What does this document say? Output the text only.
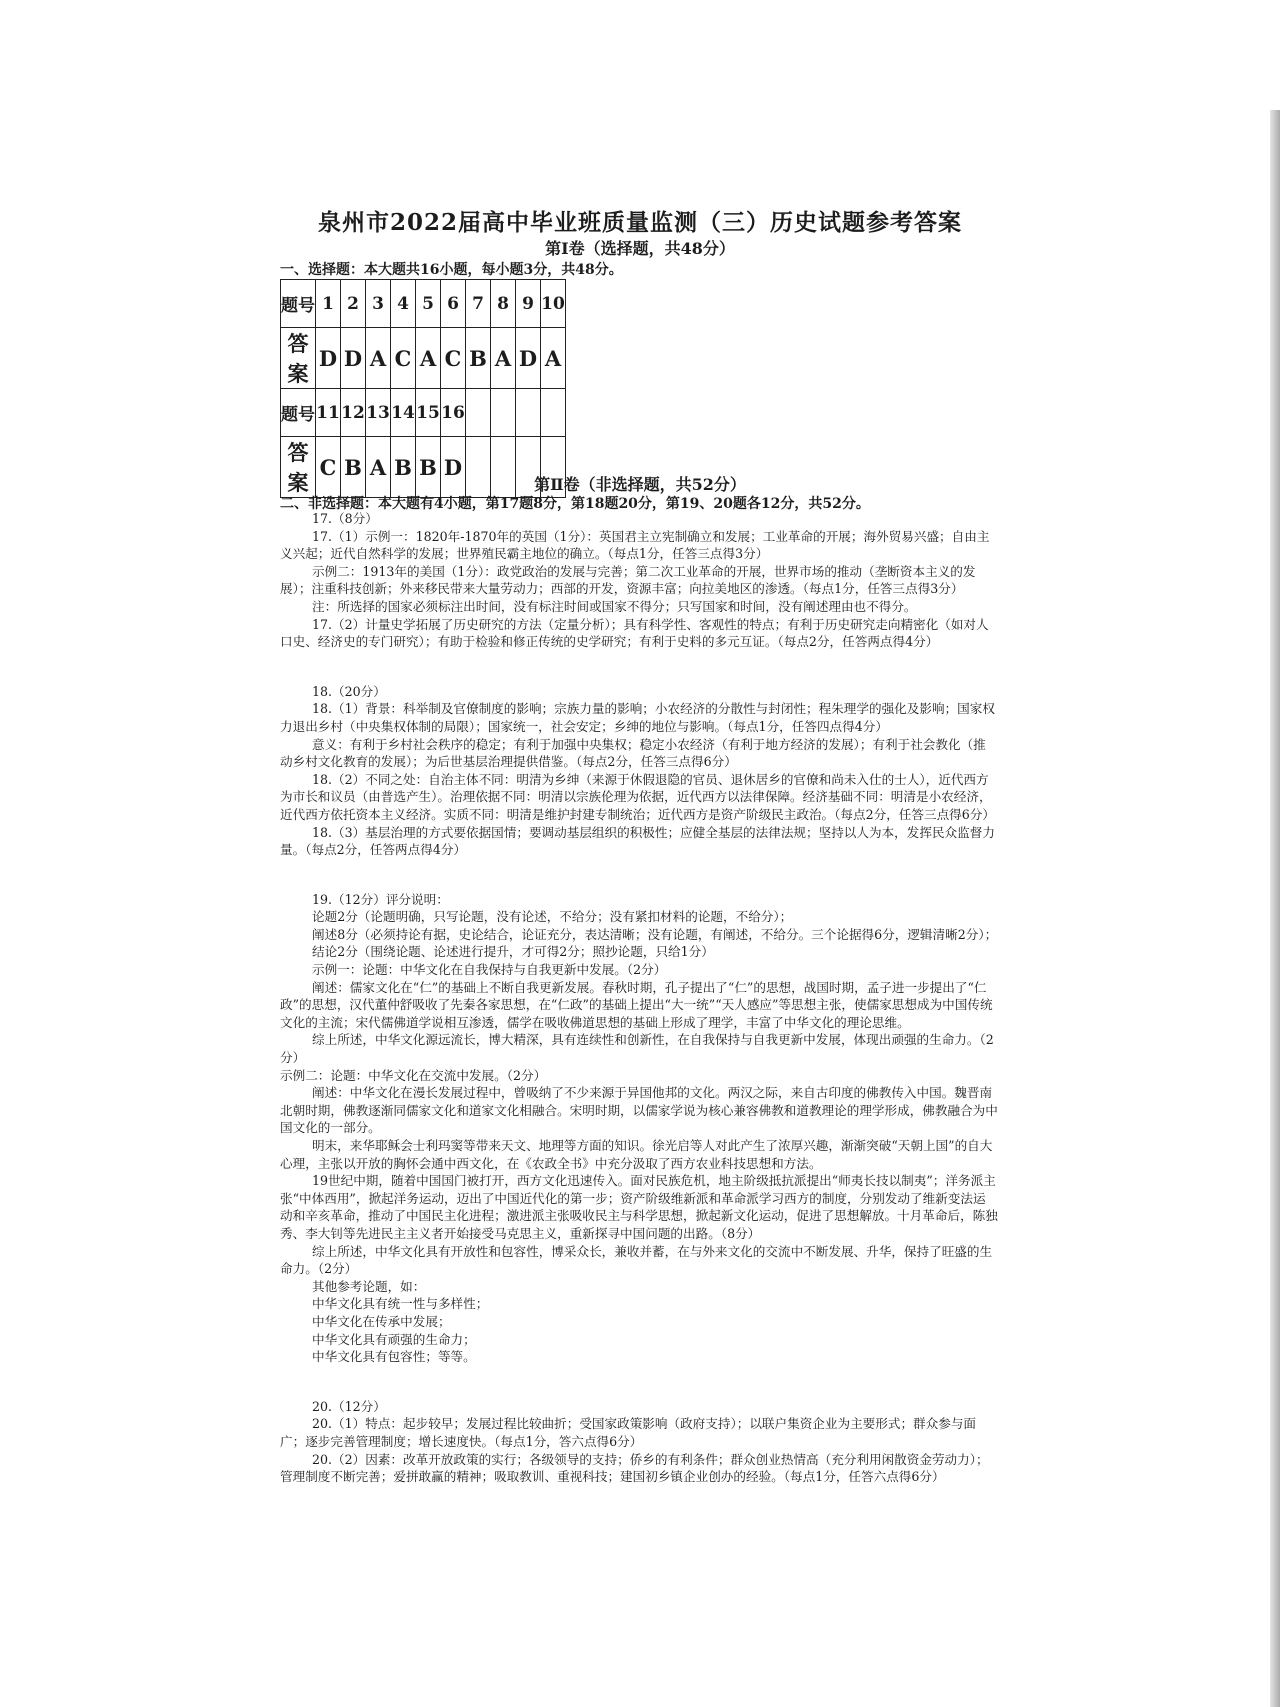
泉州市2022届高中毕业班质量监测（三）历史试题参考答案
第Ⅰ卷（选择题，共48分）
一、选择题：本大题共16小题，每小题3分，共48分。
题号	1	2	3	4	5	6	7	8	9	10
答案	D	D	A	C	A	C	B	A	D	A
题号	11	12	13	14	15	16				
答案	C	B	A	B	B	D				
第Ⅱ卷（非选择题，共52分）
二、非选择题：本大题有4小题，第17题8分，第18题20分，第19、20题各12分，共52分。

17.（8分）

17.（1）示例一：1820年-1870年的英国（1分）：英国君主立宪制确立和发展；工业革命的开展；海外贸易兴盛；自由主义兴起；近代自然科学的发展；世界殖民霸主地位的确立。（每点1分，任答三点得3分）

示例二：1913年的美国（1分）：政党政治的发展与完善；第二次工业革命的开展，世界市场的推动（垄断资本主义的发展）；注重科技创新；外来移民带来大量劳动力；西部的开发，资源丰富；向拉美地区的渗透。（每点1分，任答三点得3分）

注：所选择的国家必须标注出时间，没有标注时间或国家不得分；只写国家和时间，没有阐述理由也不得分。

17.（2）计量史学拓展了历史研究的方法（定量分析）；具有科学性、客观性的特点；有利于历史研究走向精密化（如对人口史、经济史的专门研究）；有助于检验和修正传统的史学研究；有利于史料的多元互证。（每点2分，任答两点得4分）

18.（20分）

18.（1）背景：科举制及官僚制度的影响；宗族力量的影响；小农经济的分散性与封闭性；程朱理学的强化及影响；国家权力退出乡村（中央集权体制的局限）；国家统一，社会安定；乡绅的地位与影响。（每点1分，任答四点得4分）

意义：有利于乡村社会秩序的稳定；有利于加强中央集权；稳定小农经济（有利于地方经济的发展）；有利于社会教化（推动乡村文化教育的发展）；为后世基层治理提供借鉴。（每点2分，任答三点得6分）

18.（2）不同之处：自治主体不同：明清为乡绅（来源于休假退隐的官员、退休居乡的官僚和尚未入仕的士人），近代西方为市长和议员（由普选产生）。治理依据不同：明清以宗族伦理为依据，近代西方以法律保障。经济基础不同：明清是小农经济，近代西方依托资本主义经济。实质不同：明清是维护封建专制统治；近代西方是资产阶级民主政治。（每点2分，任答三点得6分）

18.（3）基层治理的方式要依据国情；要调动基层组织的积极性；应健全基层的法律法规；坚持以人为本，发挥民众监督力量。（每点2分，任答两点得4分）

19.（12分）评分说明：

论题2分（论题明确，只写论题，没有论述，不给分；没有紧扣材料的论题，不给分）；

阐述8分（必须持论有据，史论结合，论证充分，表达清晰；没有论题，有阐述，不给分。三个论据得6分，逻辑清晰2分）；

结论2分（围绕论题、论述进行提升，才可得2分；照抄论题，只给1分）

示例一：论题：中华文化在自我保持与自我更新中发展。（2分）

阐述：儒家文化在“仁”的基础上不断自我更新发展。春秋时期，孔子提出了“仁”的思想，战国时期，孟子进一步提出了“仁政”的思想，汉代董仲舒吸收了先秦各家思想，在“仁政”的基础上提出“大一统”“天人感应”等思想主张，使儒家思想成为中国传统文化的主流；宋代儒佛道学说相互渗透，儒学在吸收佛道思想的基础上形成了理学，丰富了中华文化的理论思维。

综上所述，中华文化源远流长，博大精深，具有连续性和创新性，在自我保持与自我更新中发展，体现出顽强的生命力。（2分）

示例二：论题：中华文化在交流中发展。（2分）

阐述：中华文化在漫长发展过程中，曾吸纳了不少来源于异国他邦的文化。两汉之际，来自古印度的佛教传入中国。魏晋南北朝时期，佛教逐渐同儒家文化和道家文化相融合。宋明时期，以儒家学说为核心兼容佛教和道教理论的理学形成，佛教融合为中国文化的一部分。

明末，来华耶稣会士利玛窦等带来天文、地理等方面的知识。徐光启等人对此产生了浓厚兴趣，渐渐突破“天朝上国”的自大心理，主张以开放的胸怀会通中西文化，在《农政全书》中充分汲取了西方农业科技思想和方法。

19世纪中期，随着中国国门被打开，西方文化迅速传入。面对民族危机，地主阶级抵抗派提出“师夷长技以制夷”；洋务派主张“中体西用”，掀起洋务运动，迈出了中国近代化的第一步；资产阶级维新派和革命派学习西方的制度，分别发动了维新变法运动和辛亥革命，推动了中国民主化进程；激进派主张吸收民主与科学思想，掀起新文化运动，促进了思想解放。十月革命后，陈独秀、李大钊等先进民主主义者开始接受马克思主义，重新探寻中国问题的出路。（8分）

综上所述，中华文化具有开放性和包容性，博采众长，兼收并蓄，在与外来文化的交流中不断发展、升华，保持了旺盛的生命力。（2分）

其他参考论题，如：

中华文化具有统一性与多样性；

中华文化在传承中发展；

中华文化具有顽强的生命力；

中华文化具有包容性；等等。

20.（12分）

20.（1）特点：起步较早；发展过程比较曲折；受国家政策影响（政府支持）；以联户集资企业为主要形式；群众参与面广；逐步完善管理制度；增长速度快。（每点1分，答六点得6分）

20.（2）因素：改革开放政策的实行；各级领导的支持；侨乡的有利条件；群众创业热情高（充分利用闲散资金劳动力）；管理制度不断完善；爱拼敢赢的精神；吸取教训、重视科技；建国初乡镇企业创办的经验。（每点1分，任答六点得6分）
